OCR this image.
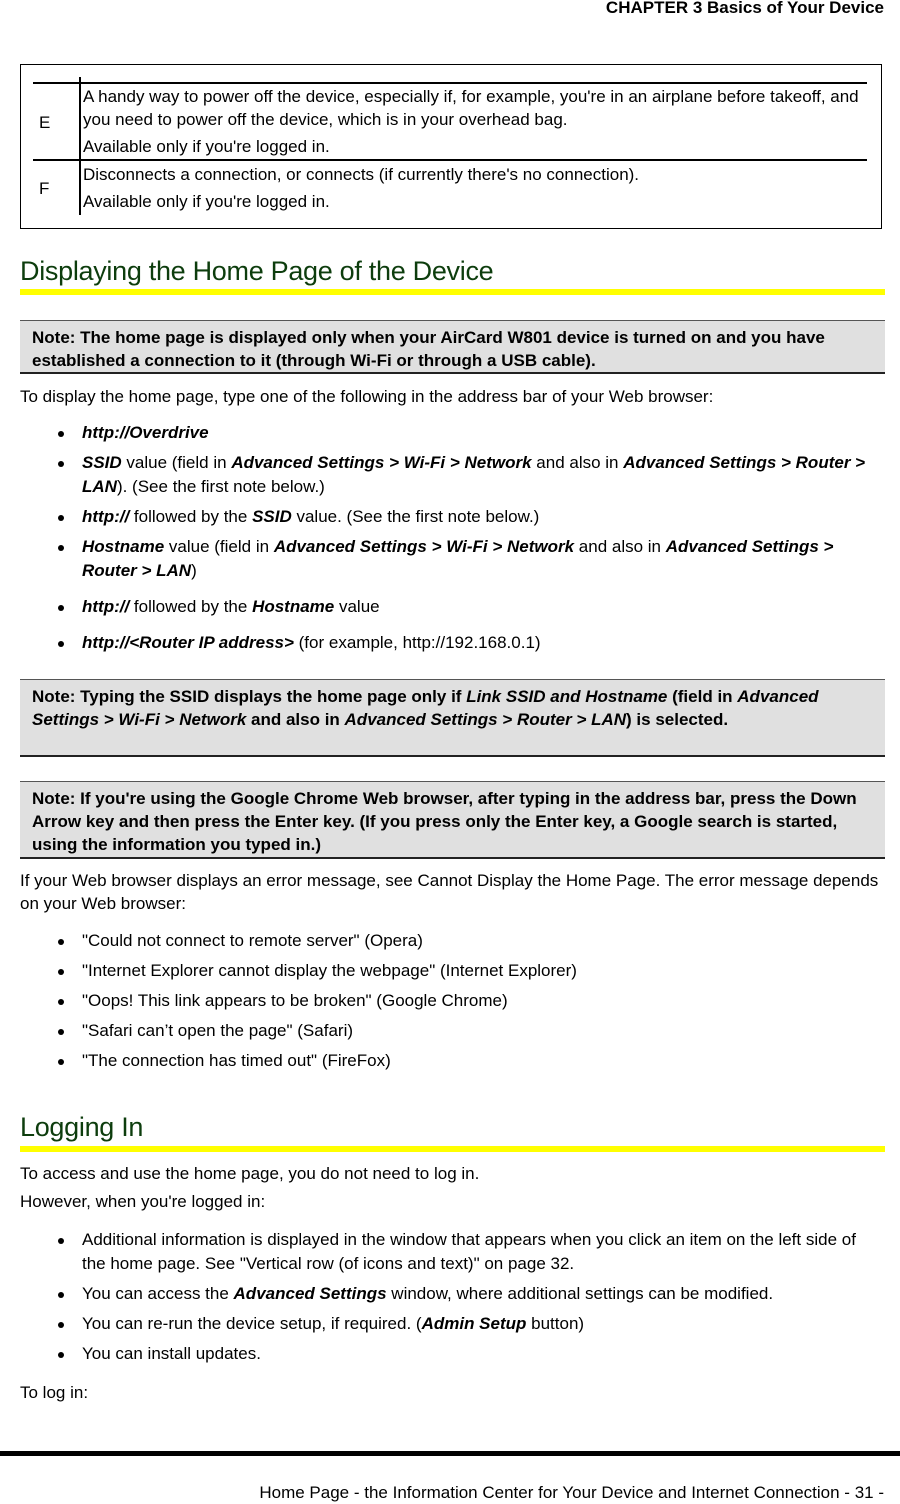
CHAPTER 3 Basics of Your Device
E
A handy way to power off the device, especially if, for example, you're in an airplane before takeoff, and you need to power off the device, which is in your overhead bag.
Available only if you're logged in.
F
Disconnects a connection, or connects (if currently there's no connection).
Available only if you're logged in.
Displaying the Home Page of the Device
Note: The home page is displayed only when your AirCard W801 device is turned on and you have established a connection to it (through Wi-Fi or through a USB cable).
To display the home page, type one of the following in the address bar of your Web browser:
http://Overdrive
SSID value (field in Advanced Settings > Wi-Fi > Network and also in Advanced Settings > Router > LAN). (See the first note below.)
http:// followed by the SSID value. (See the first note below.)
Hostname value (field in Advanced Settings > Wi-Fi > Network and also in Advanced Settings > Router > LAN)
http:// followed by the Hostname value
http://<Router IP address> (for example, http://192.168.0.1)
Note: Typing the SSID displays the home page only if Link SSID and Hostname (field in Advanced Settings > Wi-Fi > Network and also in Advanced Settings > Router > LAN) is selected.
Note: If you're using the Google Chrome Web browser, after typing in the address bar, press the Down Arrow key and then press the Enter key. (If you press only the Enter key, a Google search is started, using the information you typed in.)
If your Web browser displays an error message, see Cannot Display the Home Page. The error message depends on your Web browser:
"Could not connect to remote server" (Opera)
"Internet Explorer cannot display the webpage" (Internet Explorer)
"Oops! This link appears to be broken" (Google Chrome)
"Safari can’t open the page" (Safari)
"The connection has timed out" (FireFox)
Logging In
To access and use the home page, you do not need to log in.
However, when you're logged in:
Additional information is displayed in the window that appears when you click an item on the left side of the home page. See "Vertical row (of icons and text)" on page 32.
You can access the Advanced Settings window, where additional settings can be modified.
You can re-run the device setup, if required. (Admin Setup button)
You can install updates.
To log in:
Home Page - the Information Center for Your Device and Internet Connection - 31 -
